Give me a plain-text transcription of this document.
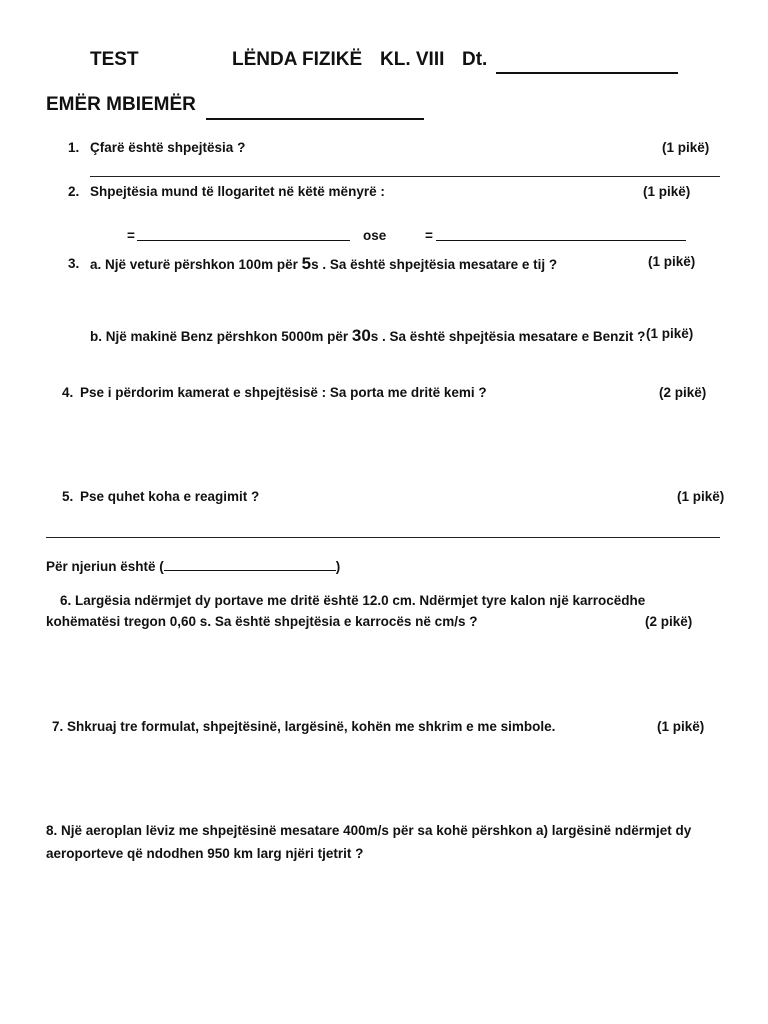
TEST	LËNDA FIZIKË KL. VIII Dt.
EMËR MBIEMËR
1. Çfarë është shpejtësia ?	(1 pikë)
2. Shpejtësia mund të llogaritet në këtë mënyrë :	(1 pikë)
=	ose	=
3. a. Një veturë përshkon 100m për 5s . Sa është shpejtësia mesatare e tij ?	(1 pikë)
b. Një makinë Benz përshkon 5000m për 30s . Sa është shpejtësia mesatare e Benzit ? (1 pikë)
4. Pse i përdorim kamerat e shpejtësisë : Sa porta me dritë kemi ?	(2 pikë)
5. Pse quhet koha e reagimit ?	(1 pikë)
Për njeriun është (	)
6. Largësia ndërmjet dy portave me dritë është 12.0 cm. Ndërmjet tyre kalon një karrocëdhe
kohëmatësi tregon 0,60 s. Sa është shpejtësia e karrocës në cm/s ?	(2 pikë)
7. Shkruaj tre formulat, shpejtësinë, largësinë, kohën me shkrim e me simbole.	(1 pikë)
8. Një aeroplan lëviz me shpejtësinë mesatare 400m/s për sa kohë përshkon a) largësinë ndërmjet dy
aeroporteve që ndodhen 950 km larg njëri tjetrit ?
